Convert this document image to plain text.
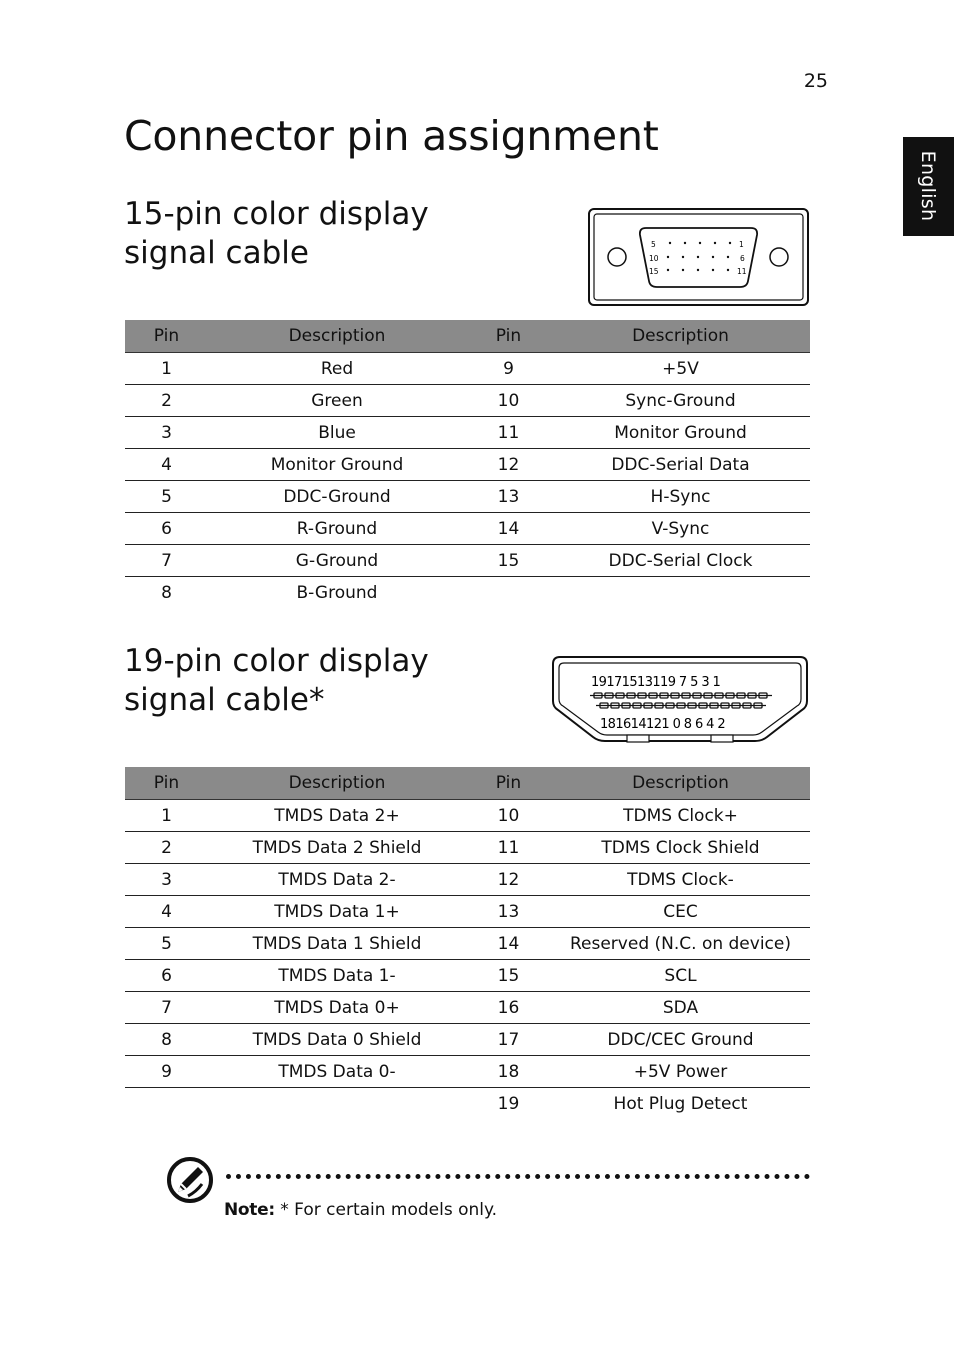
25
English
Connector pin assignment
15-pin color display
signal cable	5	1
10	6
15	11
Pin	Description	Pin	Description
1	Red	9	+5V
2	Green	10	Sync-Ground
3	Blue	11	Monitor Ground
4	Monitor Ground	12	DDC-Serial Data
5	DDC-Ground	13	H-Sync
6	R-Ground	14	V-Sync
7	G-Ground	15	DDC-Serial Clock
8	B-Ground		
19-pin color display
signal cable*	19171513119 7 5 3 1
181614121 0 8 6 4 2
Pin	Description	Pin	Description
1	TMDS Data 2+	10	TDMS Clock+
2	TMDS Data 2 Shield	11	TDMS Clock Shield
3	TMDS Data 2-	12	TDMS Clock-
4	TMDS Data 1+	13	CEC
5	TMDS Data 1 Shield	14	Reserved (N.C. on device)
6	TMDS Data 1-	15	SCL
7	TMDS Data 0+	16	SDA
8	TMDS Data 0 Shield	17	DDC/CEC Ground
9	TMDS Data 0-	18	+5V Power
		19	Hot Plug Detect
Note: * For certain models only.
